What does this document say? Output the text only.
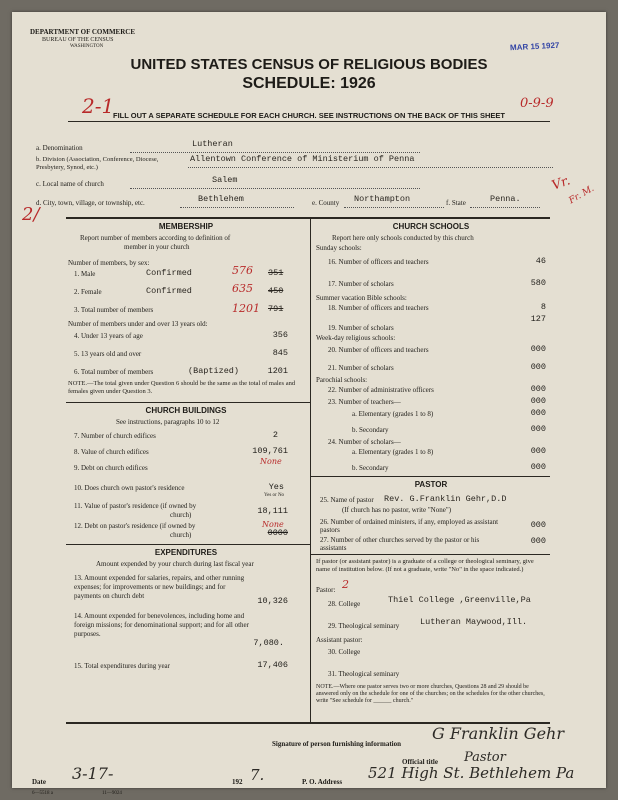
DEPARTMENT OF COMMERCE
BUREAU OF THE CENSUS
WASHINGTON	MAR 15 1927
UNITED STATES CENSUS OF RELIGIOUS BODIES
SCHEDULE: 1926
2-1	0-9-9
FILL OUT A SEPARATE SCHEDULE FOR EACH CHURCH. SEE INSTRUCTIONS ON THE BACK OF THIS SHEET
a. Denomination	Lutheran
b. Division (Association, Conference, Diocese, Presbytery, Synod, etc.)
Allentown Conference of Ministerium of Penna
c. Local name of church	Salem
d. City, town, village, or township, etc.	Bethlehem	e. County Northampton	f. State	Penna.
Vr.
Fr. M.
2/
MEMBERSHIP
Report number of members according to definition of
member in your church
Number of members, by sex:
1. Male	Confirmed	576 351
2. Female	Confirmed	635 450
3. Total number of members	1201 791
Number of members under and over 13 years old:
4. Under 13 years of age	356
5. 13 years old and over	845
6. Total number of members	(Baptized)	1201
NOTE.—The total given under Question 6 should be the same as the total of males and females given under Question 3.
CHURCH BUILDINGS
See instructions, paragraphs 10 to 12
7. Number of church edifices	2
8. Value of church edifices	109,761
9. Debt on church edifices
None
10. Does church own pastor's residence	Yes
Yes or No
11. Value of pastor's residence (if owned by
church)	18,111
12. Debt on pastor's residence (if owned by
church)	0000
None
EXPENDITURES
Amount expended by your church during last fiscal year
13. Amount expended for salaries, repairs, and other running expenses; for improvements or new buildings; and for payments on church debt	10,326
14. Amount expended for benevolences, including home and foreign missions; for denominational support; and for all other purposes.
7,080.
15. Total expenditures during year	17,406
CHURCH SCHOOLS
Report here only schools conducted by this church
Sunday schools:
16. Number of officers and teachers	46
17. Number of scholars	580
Summer vacation Bible schools:
18. Number of officers and teachers	8
127
19. Number of scholars
Week-day religious schools:
20. Number of officers and teachers	000
21. Number of scholars	000
Parochial schools:
22. Number of administrative officers	000
23. Number of teachers—	000
a. Elementary (grades 1 to 8)	000
b. Secondary	000
24. Number of scholars—
a. Elementary (grades 1 to 8)	000
b. Secondary	000
PASTOR
25. Name of pastor Rev. G.Franklin Gehr,D.D
(If church has no pastor, write "None")
26. Number of ordained ministers, if any, employed as assistant pastors	000
27. Number of other churches served by the pastor or his assistants
000
If pastor (or assistant pastor) is a graduate of a college or theological seminary, give name of institution below. (If not a graduate, write "No" in the space indicated.)
Pastor: 2
28. College	Thiel College ,Greenville,Pa
29. Theological seminary Lutheran Maywood,Ill.
Assistant pastor:
30. College
31. Theological seminary
NOTE.—Where one pastor serves two or more churches, Questions 28 and 29 should be answered only on the schedule for one of the churches; on the schedules for the other churches, write "See schedule for ______ church."
Signature of person furnishing information
G Franklin Gehr
Official title Pastor
Date 3-17-	192 7.	P. O. Address 521 High St. Bethlehem Pa
6—5518 a	11—9024
